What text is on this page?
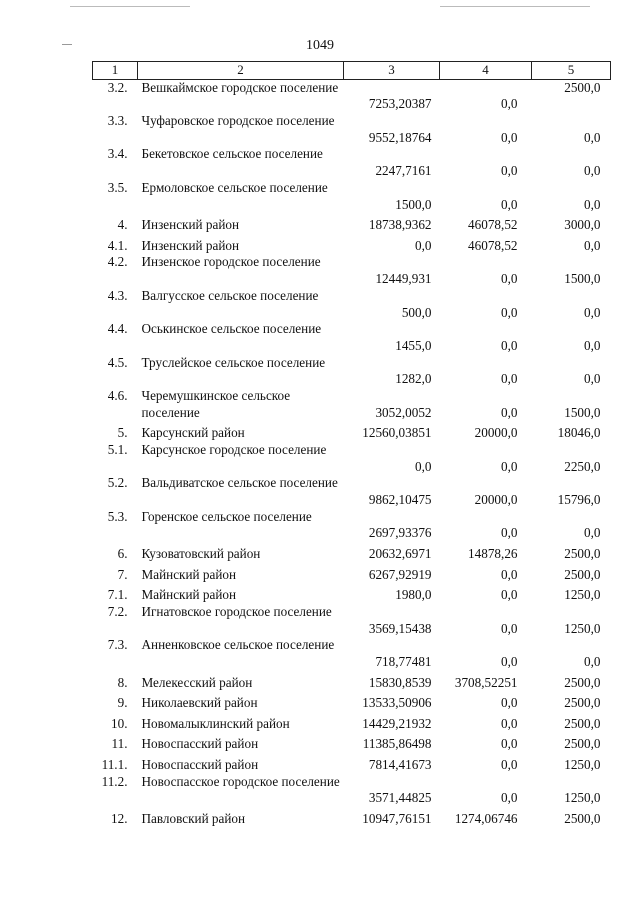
1049
1	2	3	4	5
3.2.	Вешкаймское городское поселение	7253,20387	0,0	2500,0
3.3.	Чуфаровское городское поселение	9552,18764	0,0	0,0
3.4.	Бекетовское сельское поселение	2247,7161	0,0	0,0
3.5.	Ермоловское сельское поселение	1500,0	0,0	0,0
4.	Инзенский район	18738,9362	46078,52	3000,0
4.1.	Инзенский район	0,0	46078,52	0,0
4.2.	Инзенское городское поселение	12449,931	0,0	1500,0
4.3.	Валгусское сельское поселение	500,0	0,0	0,0
4.4.	Оськинское сельское поселение	1455,0	0,0	0,0
4.5.	Труслейское сельское поселение	1282,0	0,0	0,0
4.6.	Черемушкинское сельское поселение	3052,0052	0,0	1500,0
5.	Карсунский район	12560,03851	20000,0	18046,0
5.1.	Карсунское городское поселение	0,0	0,0	2250,0
5.2.	Вальдиватское сельское поселение	9862,10475	20000,0	15796,0
5.3.	Горенское сельское поселение	2697,93376	0,0	0,0
6.	Кузоватовский район	20632,6971	14878,26	2500,0
7.	Майнский район	6267,92919	0,0	2500,0
7.1.	Майнский район	1980,0	0,0	1250,0
7.2.	Игнатовское городское поселение	3569,15438	0,0	1250,0
7.3.	Анненковское сельское поселение	718,77481	0,0	0,0
8.	Мелекесский район	15830,8539	3708,52251	2500,0
9.	Николаевский район	13533,50906	0,0	2500,0
10.	Новомалыклинский район	14429,21932	0,0	2500,0
11.	Новоспасский район	11385,86498	0,0	2500,0
11.1.	Новоспасский район	7814,41673	0,0	1250,0
11.2.	Новоспасское городское поселение	3571,44825	0,0	1250,0
12.	Павловский район	10947,76151	1274,06746	2500,0
